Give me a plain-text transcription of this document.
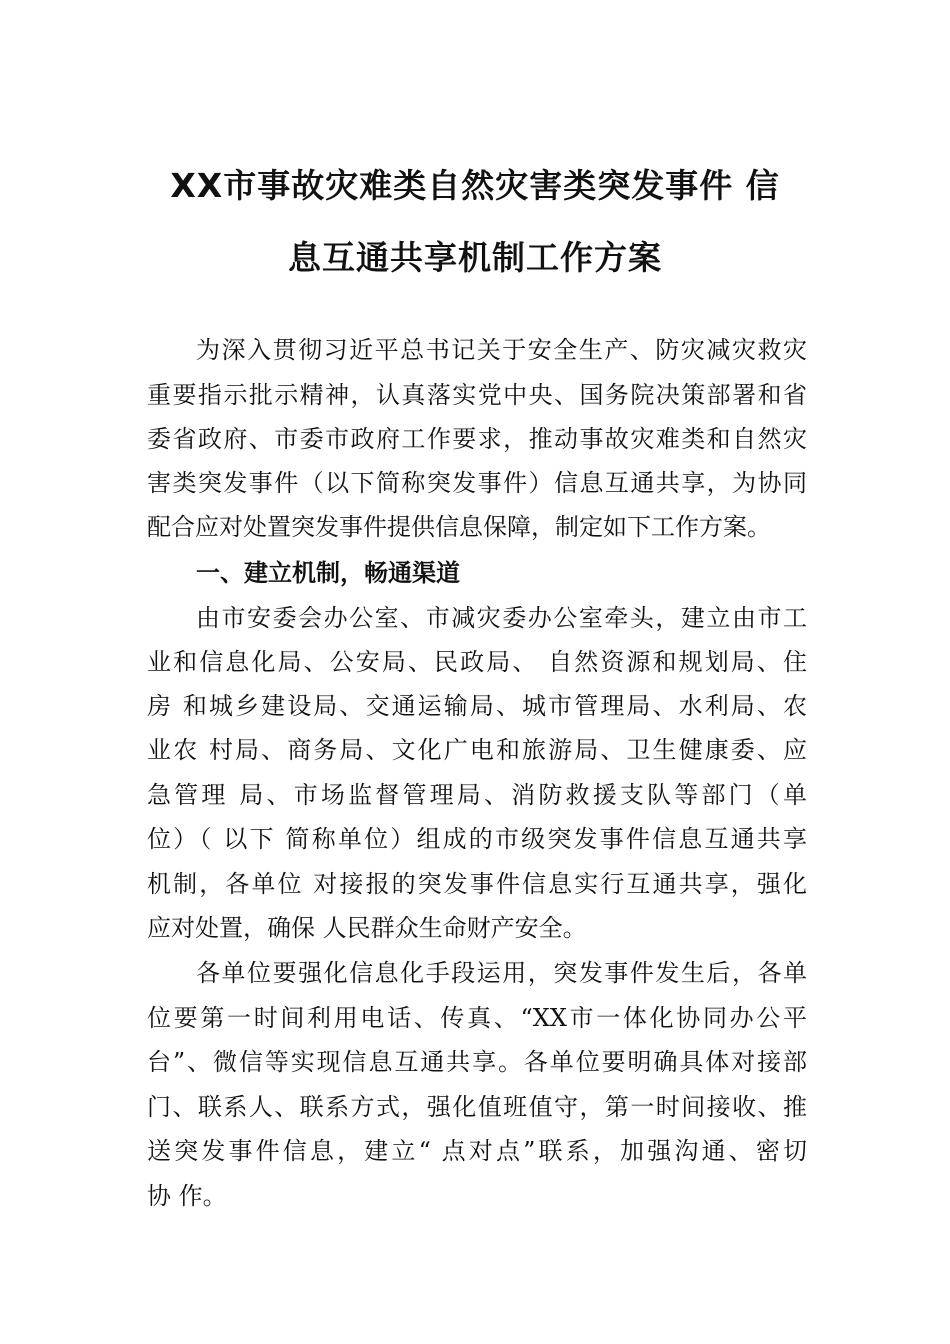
XX市事故灾难类自然灾害类突发事件 信
息互通共享机制工作方案
为深入贯彻习近平总书记关于安全生产、防灾减灾救灾
重要指示批示精神，认真落实党中央、国务院决策部署和省
委省政府、市委市政府工作要求，推动事故灾难类和自然灾
害类突发事件（以下简称突发事件）信息互通共享，为协同
配合应对处置突发事件提供信息保障，制定如下工作方案。
一、建立机制，畅通渠道
由市安委会办公室、市减灾委办公室牵头，建立由市工
业和信息化局、公安局、民政局、 自然资源和规划局、住
房 和城乡建设局、交通运输局、城市管理局、水利局、农
业农 村局、商务局、文化广电和旅游局、卫生健康委、应
急管理 局、市场监督管理局、消防救援支队等部门（单
位）（ 以下 简称单位）组成的市级突发事件信息互通共享
机制，各单位 对接报的突发事件信息实行互通共享，强化
应对处置，确保 人民群众生命财产安全。
各单位要强化信息化手段运用，突发事件发生后，各单
位要第一时间利用电话、传真、“XX市一体化协同办公平
台”、微信等实现信息互通共享。各单位要明确具体对接部
门、联系人、联系方式，强化值班值守，第一时间接收、推
送突发事件信息，建立“ 点对点”联系，加强沟通、密切
协 作。
